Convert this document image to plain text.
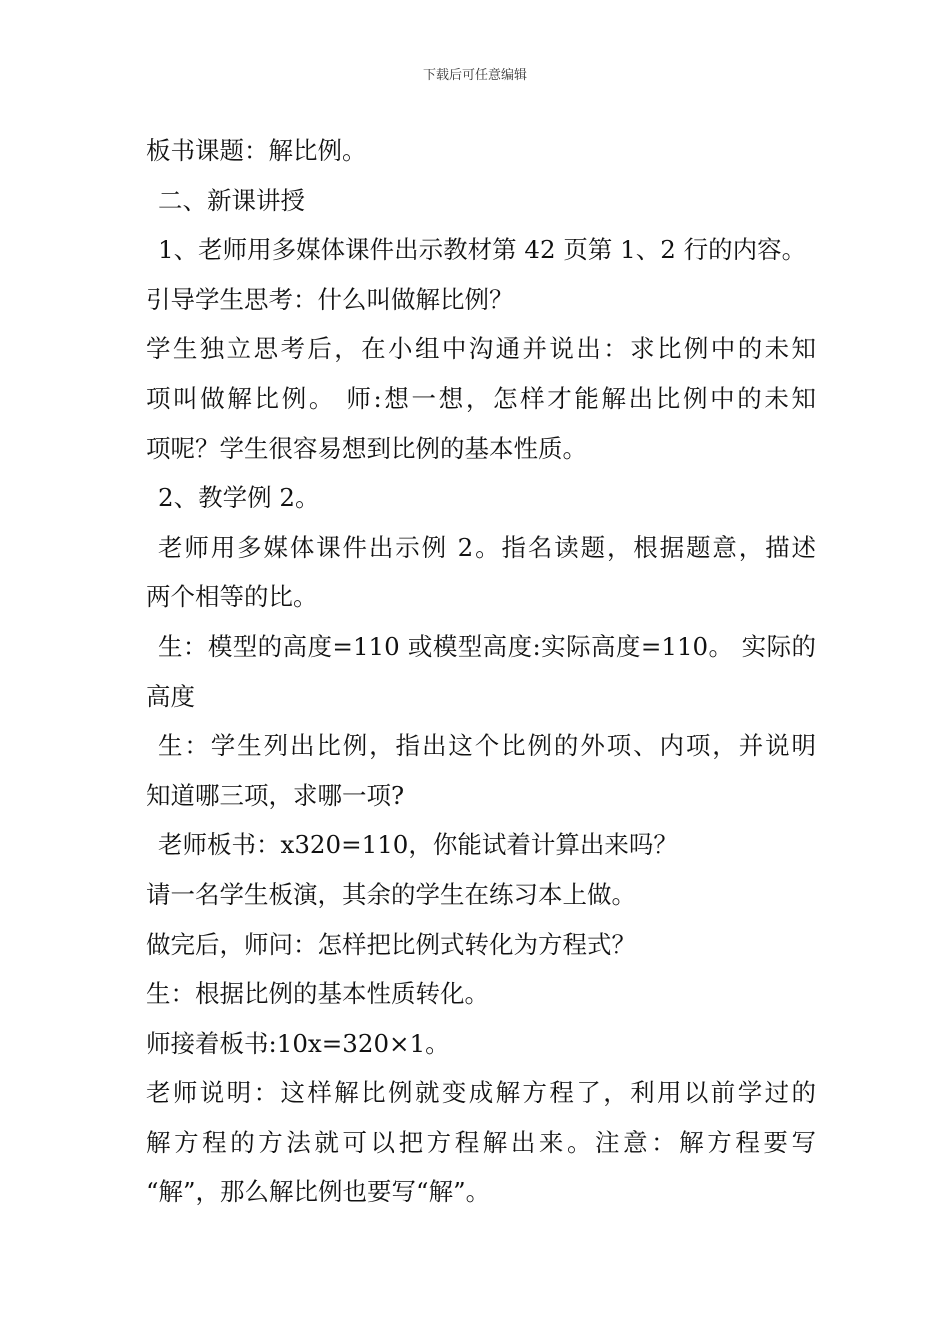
下载后可任意编辑
板书课题：解比例。
二、新课讲授
1、老师用多媒体课件出示教材第 42 页第 1、2 行的内容。
引导学生思考：什么叫做解比例？
学生独立思考后，在小组中沟通并说出：求比例中的未知
项叫做解比例。 师:想一想，怎样才能解出比例中的未知
项呢？学生很容易想到比例的基本性质。
2、教学例 2。
老师用多媒体课件出示例 2。指名读题，根据题意，描述
两个相等的比。
生：模型的高度=110 或模型高度:实际高度=110。 实际的
高度
生：学生列出比例，指出这个比例的外项、内项，并说明
知道哪三项，求哪一项?
老师板书：x320=110，你能试着计算出来吗？
请一名学生板演，其余的学生在练习本上做。
做完后，师问：怎样把比例式转化为方程式？
生：根据比例的基本性质转化。
师接着板书:10x=320×1。
老师说明：这样解比例就变成解方程了，利用以前学过的
解方程的方法就可以把方程解出来。注意：解方程要写
“解”，那么解比例也要写“解”。
